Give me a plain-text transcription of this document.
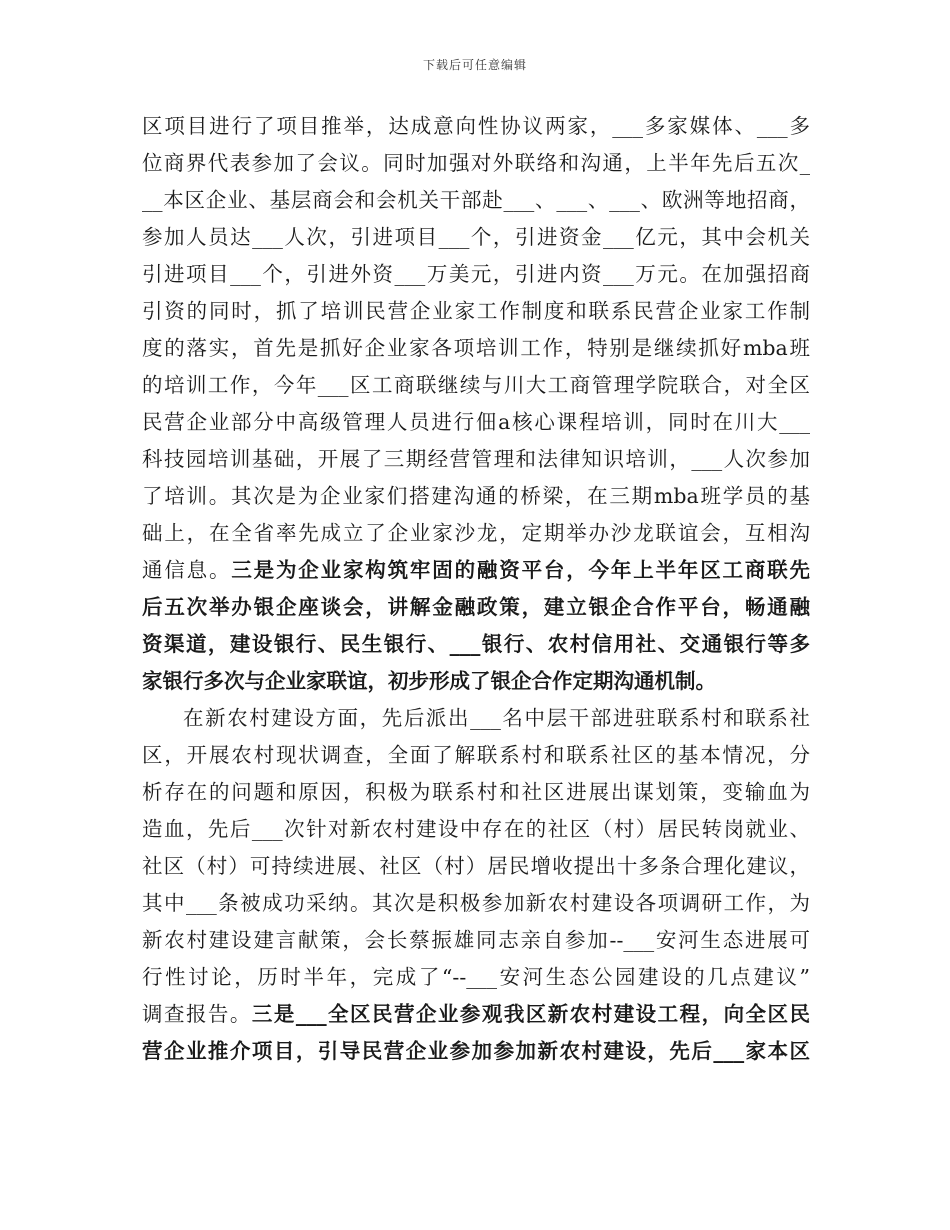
下载后可任意编辑
区项目进行了项目推举，达成意向性协议两家，___多家媒体、___多
位商界代表参加了会议。同时加强对外联络和沟通，上半年先后五次_
__本区企业、基层商会和会机关干部赴___、___、___、欧洲等地招商，
参加人员达___人次，引进项目___个，引进资金___亿元，其中会机关
引进项目___个，引进外资___万美元，引进内资___万元。在加强招商
引资的同时，抓了培训民营企业家工作制度和联系民营企业家工作制
度的落实，首先是抓好企业家各项培训工作，特别是继续抓好mba班
的培训工作，今年___区工商联继续与川大工商管理学院联合，对全区
民营企业部分中高级管理人员进行佃a核心课程培训，同时在川大___
科技园培训基础，开展了三期经营管理和法律知识培训，___人次参加
了培训。其次是为企业家们搭建沟通的桥梁，在三期mba班学员的基
础上，在全省率先成立了企业家沙龙，定期举办沙龙联谊会，互相沟
通信息。三是为企业家构筑牢固的融资平台，今年上半年区工商联先
后五次举办银企座谈会，讲解金融政策，建立银企合作平台，畅通融
资渠道，建设银行、民生银行、___银行、农村信用社、交通银行等多
家银行多次与企业家联谊，初步形成了银企合作定期沟通机制。
在新农村建设方面，先后派出___名中层干部进驻联系村和联系社
区，开展农村现状调查，全面了解联系村和联系社区的基本情况，分
析存在的问题和原因，积极为联系村和社区进展出谋划策，变输血为
造血，先后___次针对新农村建设中存在的社区（村）居民转岗就业、
社区（村）可持续进展、社区（村）居民增收提出十多条合理化建议，
其中___条被成功采纳。其次是积极参加新农村建设各项调研工作，为
新农村建设建言献策，会长蔡振雄同志亲自参加--___安河生态进展可
行性讨论，历时半年，完成了“--___安河生态公园建设的几点建议”
调查报告。三是___全区民营企业参观我区新农村建设工程，向全区民
营企业推介项目，引导民营企业参加参加新农村建设，先后___家本区
